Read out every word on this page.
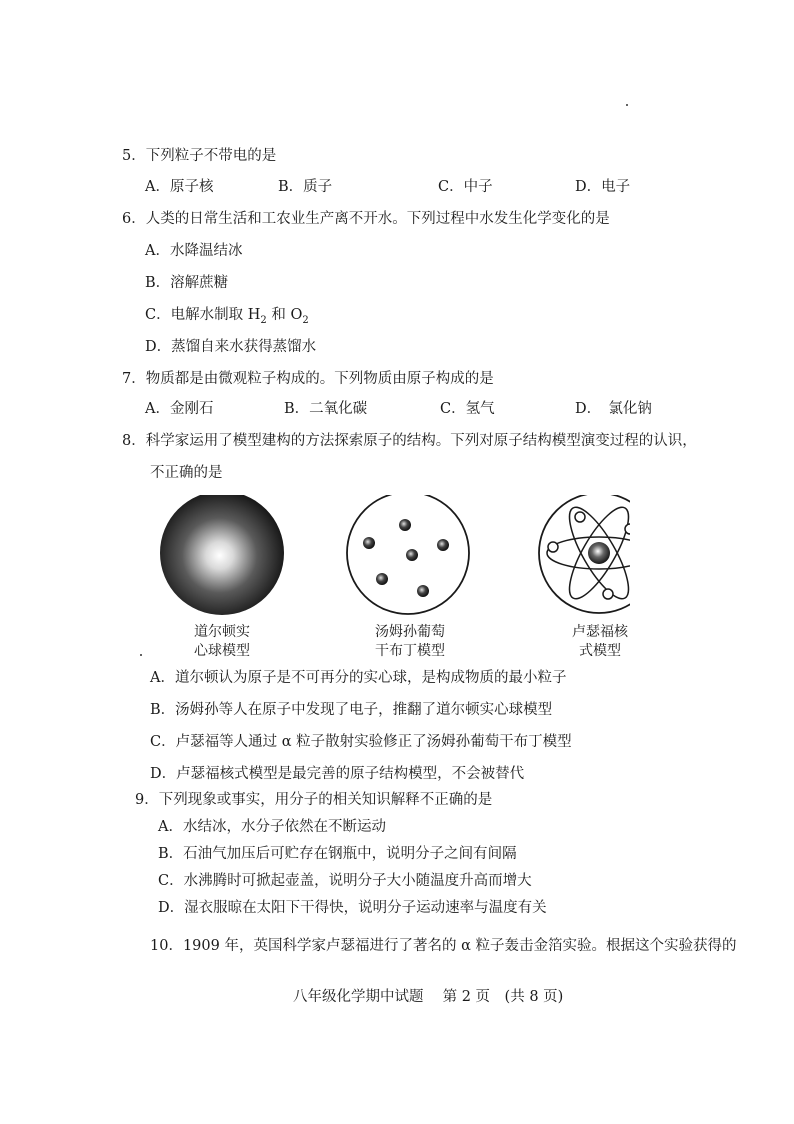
5．下列粒子不带电的是
A．原子核	B．质子	C．中子	D．电子
6．人类的日常生活和工农业生产离不开水。下列过程中水发生化学变化的是
A．水降温结冰
B．溶解蔗糖
C．电解水制取 $H_2$ 和 $O_2$
D．蒸馏自来水获得蒸馏水
7．物质都是由微观粒子构成的。下列物质由原子构成的是
A．金刚石	B．二氧化碳	C．氢气	D．　氯化钠
8．科学家运用了模型建构的方法探索原子的结构。下列对原子结构模型演变过程的认识，
不正确的是
道尔顿实
心球模型
汤姆孙葡萄
干布丁模型
卢瑟福核
式模型
A．道尔顿认为原子是不可再分的实心球，是构成物质的最小粒子
B．汤姆孙等人在原子中发现了电子，推翻了道尔顿实心球模型
C．卢瑟福等人通过 α 粒子散射实验修正了汤姆孙葡萄干布丁模型
D．卢瑟福核式模型是最完善的原子结构模型，不会被替代
9．下列现象或事实，用分子的相关知识解释不正确的是
A．水结冰，水分子依然在不断运动
B．石油气加压后可贮存在钢瓶中，说明分子之间有间隔
C．水沸腾时可掀起壶盖，说明分子大小随温度升高而增大
D．湿衣服晾在太阳下干得快，说明分子运动速率与温度有关
10．1909 年，英国科学家卢瑟福进行了著名的 α 粒子轰击金箔实验。根据这个实验获得的
八年级化学期中试题　 第 2 页　(共 8 页)
